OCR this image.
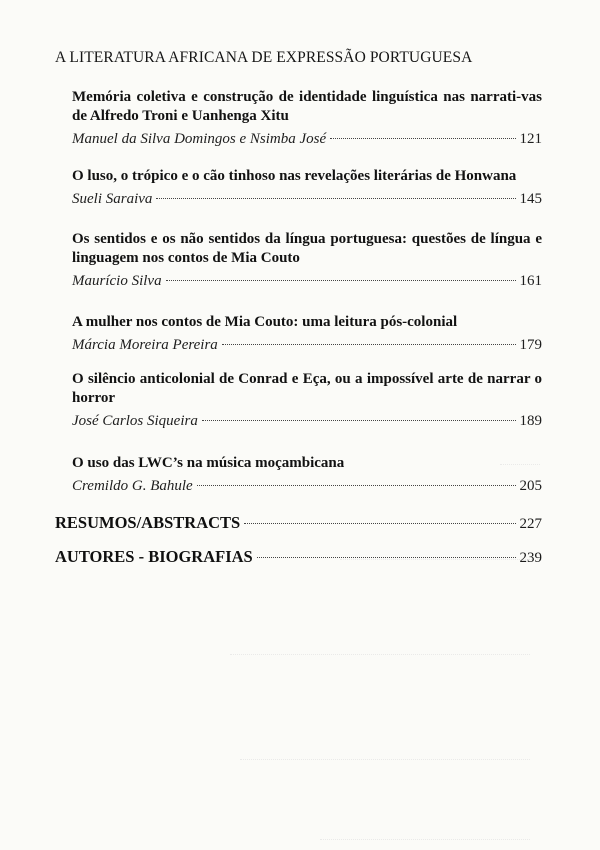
A LITERATURA AFRICANA DE EXPRESSÃO PORTUGUESA
Memória coletiva e construção de identidade linguística nas narrati-vas de Alfredo Troni e Uanhenga Xitu
Manuel da Silva Domingos e Nsimba José	121
O luso, o trópico e o cão tinhoso nas revelações literárias de Honwana
Sueli Saraiva	145
Os sentidos e os não sentidos da língua portuguesa: questões de língua e linguagem nos contos de Mia Couto
Maurício Silva	161
A mulher nos contos de Mia Couto: uma leitura pós-colonial
Márcia Moreira Pereira	179
O silêncio anticolonial de Conrad e Eça, ou a impossível arte de narrar o horror
José Carlos Siqueira	189
O uso das LWC’s na música moçambicana
Cremildo G. Bahule	205
RESUMOS/ABSTRACTS	227
AUTORES - BIOGRAFIAS	239
